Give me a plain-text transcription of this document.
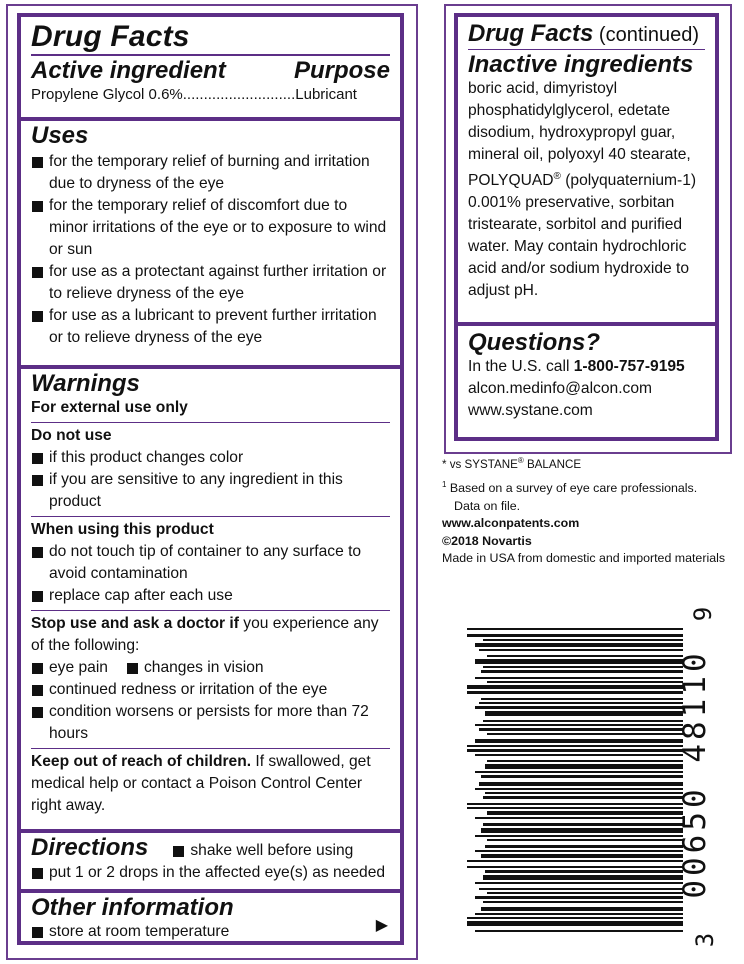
Drug Facts
Active ingredient	Purpose
Propylene Glycol 0.6%...........................Lubricant
Uses
for the temporary relief of burning and irritation due to dryness of the eye
for the temporary relief of discomfort due to minor irritations of the eye or to exposure to wind or sun
for use as a protectant against further irritation or to relieve dryness of the eye
for use as a lubricant to prevent further irritation or to relieve dryness of the eye
Warnings
For external use only
Do not use
if this product changes color
if you are sensitive to any ingredient in this product
When using this product
do not touch tip of container to any surface to avoid contamination
replace cap after each use
Stop use and ask a doctor if you experience any of the following:
eye pain	changes in vision
continued redness or irritation of the eye
condition worsens or persists for more than 72 hours
Keep out of reach of children. If swallowed, get medical help or contact a Poison Control Center right away.
Directions	shake well before using
put 1 or 2 drops in the affected eye(s) as needed
Other information
store at room temperature	▶
Drug Facts (continued)
Inactive ingredients
boric acid, dimyristoyl phosphatidylglycerol, edetate disodium, hydroxypropyl guar, mineral oil, polyoxyl 40 stearate, POLYQUAD® (polyquaternium-1) 0.001% preservative, sorbitan tristearate, sorbitol and purified water. May contain hydrochloric acid and/or sodium hydroxide to adjust pH.
Questions?
In the U.S. call 1-800-757-9195
alcon.medinfo@alcon.com
www.systane.com
* vs SYSTANE® BALANCE
$^1$ Based on a survey of eye care professionals.
Data on file.
www.alconpatents.com
©2018 Novartis
Made in USA from domestic and imported materials
9
00650 48110
3
